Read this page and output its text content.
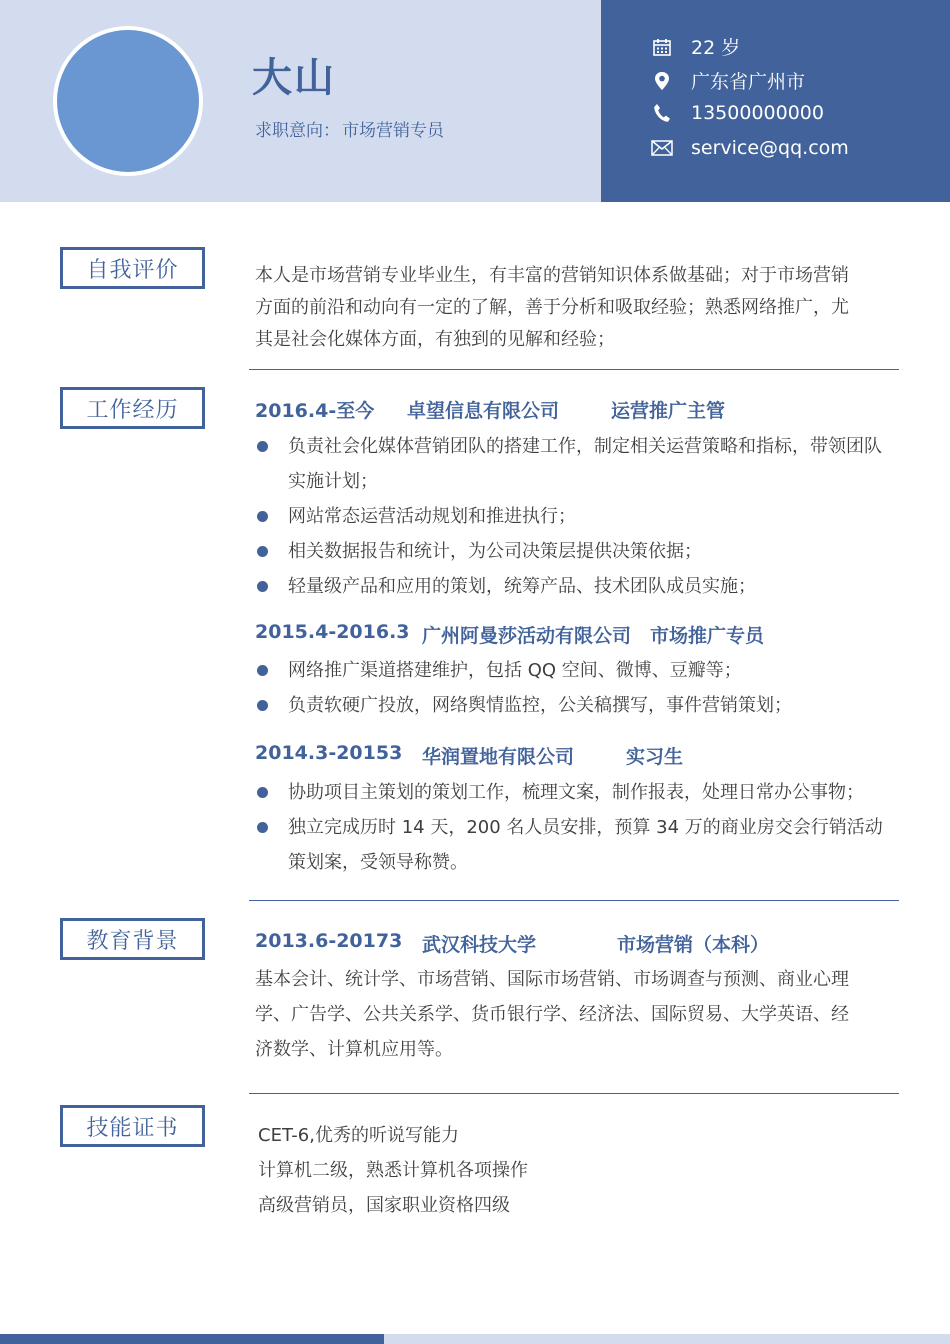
大山
求职意向： 市场营销专员
22 岁
广东省广州市
13500000000
service@qq.com
自我评价	本人是市场营销专业毕业生，有丰富的营销知识体系做基础；对于市场营销
方面的前沿和动向有一定的了解，善于分析和吸取经验；熟悉网络推广，尤
其是社会化媒体方面，有独到的见解和经验；
工作经历	2016.4-至今 卓望信息有限公司	运营推广主管
负责社会化媒体营销团队的搭建工作，制定相关运营策略和指标，带领团队实施计划；
网站常态运营活动规划和推进执行；
相关数据报告和统计，为公司决策层提供决策依据；
轻量级产品和应用的策划，统筹产品、技术团队成员实施；
2015.4-2016.3 广州阿曼莎活动有限公司 市场推广专员
网络推广渠道搭建维护，包括 QQ 空间、微博、豆瓣等；
负责软硬广投放，网络舆情监控，公关稿撰写，事件营销策划；
2014.3-20153 华润置地有限公司	实习生
协助项目主策划的策划工作，梳理文案，制作报表，处理日常办公事物；
独立完成历时 14 天，200 名人员安排，预算 34 万的商业房交会行销活动策划案，受领导称赞。
教育背景	2013.6-20173 武汉科技大学	市场营销（本科）
基本会计、统计学、市场营销、国际市场营销、市场调查与预测、商业心理
学、广告学、公共关系学、货币银行学、经济法、国际贸易、大学英语、经
济数学、计算机应用等。
技能证书	CET-6,优秀的听说写能力
计算机二级，熟悉计算机各项操作
高级营销员，国家职业资格四级
